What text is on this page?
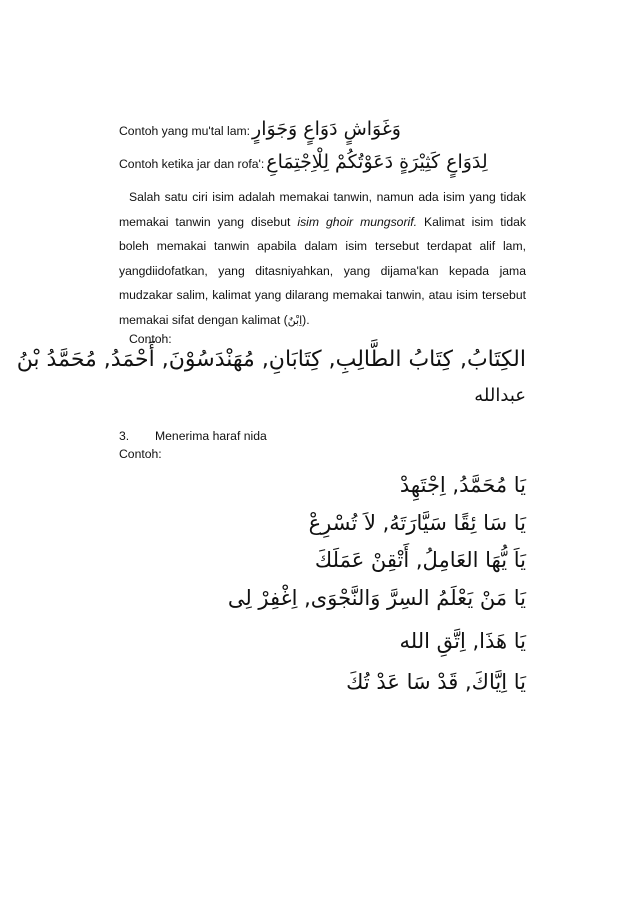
Contoh yang mu'tal lam: وَغَوَاشٍ دَوَاعٍ وَجَوَارٍ
Contoh ketika jar dan rofa': لِدَوَاعٍ كَثِيْرَةٍ دَعَوْتُكُمْ لِلْاِجْتِمَاعِ
Salah satu ciri isim adalah memakai tanwin, namun ada isim yang tidak
memakai tanwin yang disebut isim ghoir mungsorif. Kalimat isim tidak
boleh memakai tanwin apabila dalam isim tersebut terdapat alif lam,
yangdiidofatkan, yang ditasniyahkan, yang dijama'kan kepada jama
mudzakar salim, kalimat yang dilarang memakai tanwin, atau isim tersebut
memakai sifat dengan kalimat (اِبْنٌ).
Contoh:
الكِتَابُ, كِتَابُ الطَّالِبِ, كِتَابَانِ, مُهَنْدَسُوْنَ, أَحْمَدُ, مُحَمَّدُ بْنُ
عبدالله
3. Menerima haraf nida
Contoh:
يَا مُحَمَّدُ, اِجْتَهِدْ
يَا سَا ئِقًا سَيَّارَتَهُ, لاَ تُسْرِعْ
يَاَ يُّهَا العَامِلُ, أَتْقِنْ عَمَلَكَ
يَا مَنْ يَعْلَمُ السِرَّ وَالنَّجْوَى, اِغْفِرْ لِى
يَا هَذَا, اِتَّقِ الله
يَا اِيَّاكَ, قَدْ سَا عَدْ تُكَ
